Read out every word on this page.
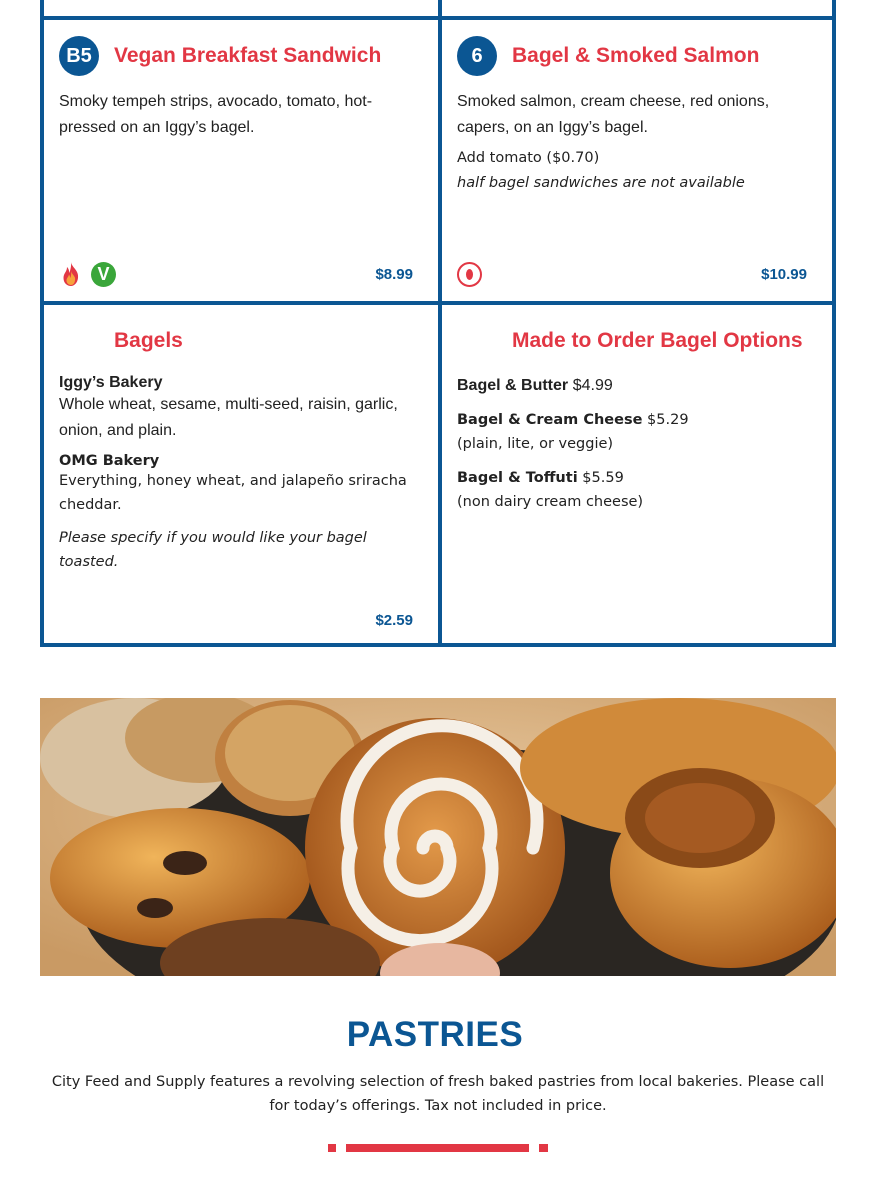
B5	Vegan Breakfast Sandwich

Smoky tempeh strips, avocado, tomato, hot-pressed on an Iggy’s bagel.

V	$8.99
6	Bagel & Smoked Salmon

Smoked salmon, cream cheese, red onions, capers, on an Iggy’s bagel.

Add tomato ($0.70)

half bagel sandwiches are not available

$10.99
Bagels

Iggy’s Bakery

Whole wheat, sesame, multi-seed, raisin, garlic, onion, and plain.

OMG Bakery

Everything, honey wheat, and jalapeño sriracha cheddar.

Please specify if you would like your bagel toasted.

$2.59
Made to Order Bagel Options

Bagel & Butter $4.99

Bagel & Cream Cheese $5.29
(plain, lite, or veggie)

Bagel & Toffuti $5.59
(non dairy cream cheese)

PASTRIES

City Feed and Supply features a revolving selection of fresh baked pastries from local bakeries. Please call for today’s offerings. Tax not included in price.
